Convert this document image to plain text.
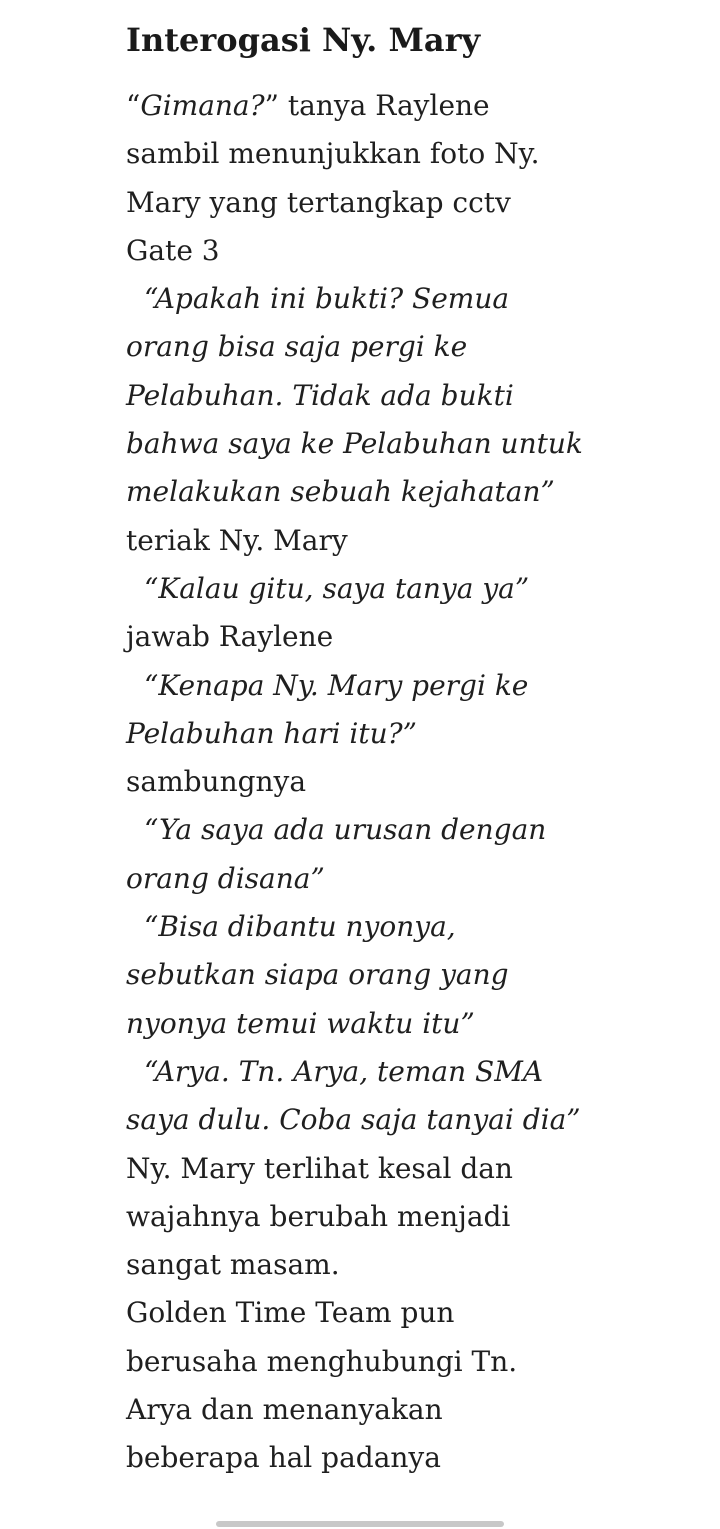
Interogasi Ny. Mary
“Gimana?” tanya Raylene
sambil menunjukkan foto Ny.
Mary yang tertangkap cctv
Gate 3
“Apakah ini bukti? Semua
orang bisa saja pergi ke
Pelabuhan. Tidak ada bukti
bahwa saya ke Pelabuhan untuk
melakukan sebuah kejahatan”
teriak Ny. Mary
“Kalau gitu, saya tanya ya”
jawab Raylene
“Kenapa Ny. Mary pergi ke
Pelabuhan hari itu?”
sambungnya
“Ya saya ada urusan dengan
orang disana”
“Bisa dibantu nyonya,
sebutkan siapa orang yang
nyonya temui waktu itu”
“Arya. Tn. Arya, teman SMA
saya dulu. Coba saja tanyai dia”
Ny. Mary terlihat kesal dan
wajahnya berubah menjadi
sangat masam.
Golden Time Team pun
berusaha menghubungi Tn.
Arya dan menanyakan
beberapa hal padanya
